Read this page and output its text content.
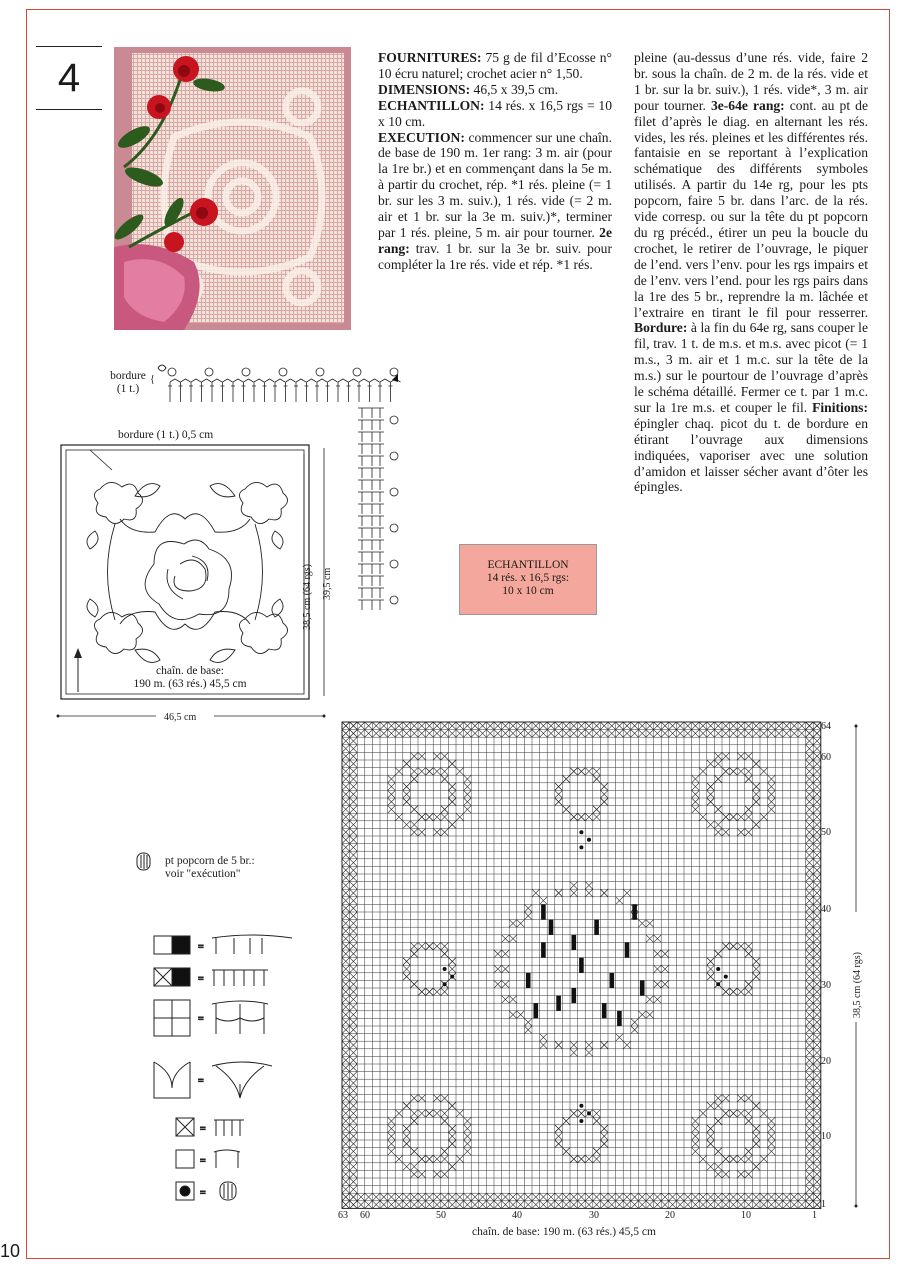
4	FOURNITURES: 75 g de fil d’Ecosse n° 10 écru naturel; crochet acier n° 1,50.

DIMENSIONS: 46,5 x 39,5 cm.

ECHANTILLON: 14 rés. x 16,5 rgs = 10 x 10 cm.

EXECUTION: commencer sur une chaîn. de base de 190 m. 1er rang: 3 m. air (pour la 1re br.) et en commençant dans la 5e m. à partir du crochet, rép. *1 rés. pleine (= 1 br. sur les 3 m. suiv.), 1 rés. vide (= 2 m. air et 1 br. sur la 3e m. suiv.)*, terminer par 1 rés. pleine, 5 m. air pour tourner. 2e rang: trav. 1 br. sur la 3e br. suiv. pour compléter la 1re rés. vide et rép. *1 rés.

pleine (au-dessus d’une rés. vide, faire 2 br. sous la chaîn. de 2 m. de la rés. vide et 1 br. sur la br. suiv.), 1 rés. vide*, 3 m. air pour tourner. 3e-64e rang: cont. au pt de filet d’après le diag. en alternant les rés. vides, les rés. pleines et les différentes rés. fantaisie en se reportant à l’explication schématique des différents symboles utilisés. A partir du 14e rg, pour les pts popcorn, faire 5 br. dans l’arc. de la rés. vide corresp. ou sur la tête du pt popcorn du rg précéd., étirer un peu la boucle du crochet, le retirer de l’ouvrage, le piquer de l’end. vers l’env. pour les rgs impairs et de l’env. vers l’end. pour les rgs pairs dans la 1re des 5 br., reprendre la m. lâchée et l’extraire en tirant le fil pour resserrer. Bordure: à la fin du 64e rg, sans couper le fil, trav. 1 t. de m.s. et m.s. avec picot (= 1 m.s., 3 m. air et 1 m.c. sur la tête de la m.s.) sur le pourtour de l’ouvrage d’après le schéma détaillé. Fermer ce t. par 1 m.c. sur la 1re m.s. et couper le fil. Finitions: épingler chaq. picot du t. de bordure en étirant l’ouvrage aux dimensions indiquées, vaporiser avec une solution d’amidon et laisser sécher avant d’ôter les épingles.

bordure
(1 t.)
{
bordure (1 t.) 0,5 cm
chaîn. de base:
190 m. (63 rés.) 45,5 cm
38,5 cm (64 rgs) 39,5 cm
46,5 cm
ECHANTILLON
14 rés. x 16,5 rgs:
10 x 10 cm
pt popcorn de 5 br.:
voir "exécution"
=
=
=
=
=
=
=
64
60
50
40
30
20
10
1
63 60	50	40	30	20	10	1
chaîn. de base: 190 m. (63 rés.) 45,5 cm
38,5 cm (64 rgs)
10
